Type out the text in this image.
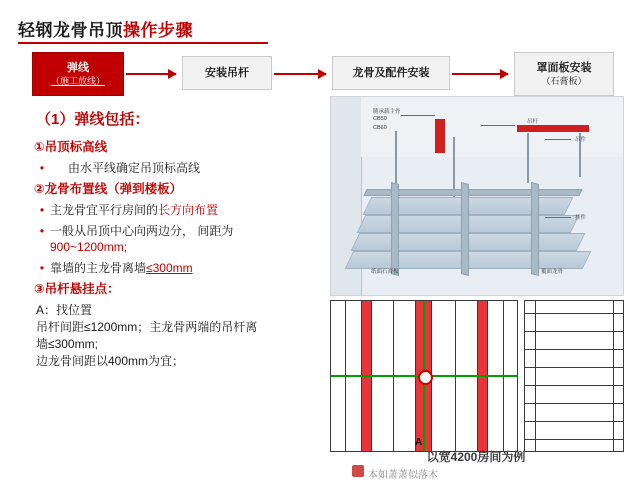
轻钢龙骨吊顶操作步骤
弹线
（施工放线）
安装吊杆	龙骨及配件安装	罩面板安装
（石膏板）
（1）弹线包括：
①吊顶标高线
•	由水平线确定吊顶标高线
②龙骨布置线（弹到楼板）
• 主龙骨宜平行房间的长方向布置
• 一般从吊顶中心向两边分， 间距为
900~1200mm;
• 靠墙的主龙骨离墙≤300mm
③吊杆悬挂点：
A：找位置
吊杆间距≤1200mm；主龙骨两端的吊杆离
墙≤300mm;
边龙骨间距以400mm为宜；
随承载主骨
CB50
CB60
吊杆
吊件
挂件
纸面石膏板	覆面龙骨
A
以宽4200房间为例
本如萧萧似落木
